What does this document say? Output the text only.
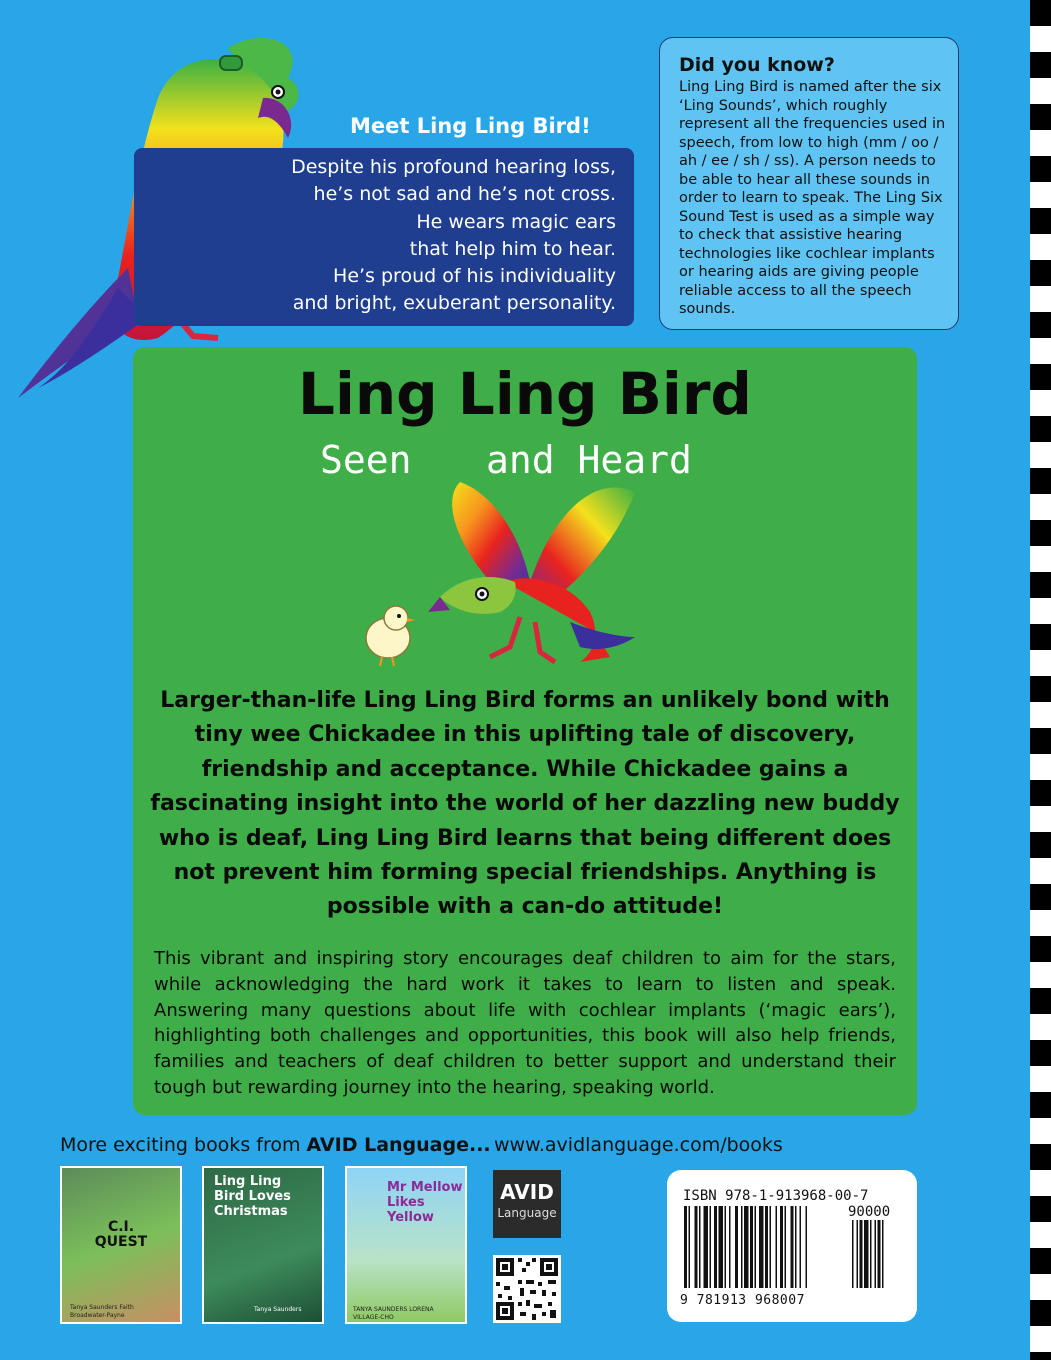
Meet Ling Ling Bird!
Despite his profound hearing loss,
he’s not sad and he’s not cross.
He wears magic ears
that help him to hear.
He’s proud of his individuality
and bright, exuberant personality.
Did you know?
Ling Ling Bird is named after the six ‘Ling Sounds’, which roughly represent all the frequencies used in speech, from low to high (mm / oo / ah / ee / sh / ss). A person needs to be able to hear all these sounds in order to learn to speak. The Ling Six Sound Test is used as a simple way to check that assistive hearing technologies like cochlear implants or hearing aids are giving people reliable access to all the speech sounds.
Ling Ling Bird
Seen and Heard
Larger-than-life Ling Ling Bird forms an unlikely bond with tiny wee Chickadee in this uplifting tale of discovery, friendship and acceptance. While Chickadee gains a fascinating insight into the world of her dazzling new buddy who is deaf, Ling Ling Bird learns that being different does not prevent him forming special friendships. Anything is possible with a can-do attitude!
This vibrant and inspiring story encourages deaf children to aim for the stars, while acknowledging the hard work it takes to learn to listen and speak. Answering many questions about life with cochlear implants (‘magic ears’), highlighting both challenges and opportunities, this book will also help friends, families and teachers of deaf children to better support and understand their tough but rewarding journey into the hearing, speaking world.
More exciting books from AVID Language... www.avidlanguage.com/books
C.I. QUEST
Tanya Saunders Faith Broadwater-Payne
Ling Ling Bird Loves Christmas
Tanya Saunders
Mr Mellow Likes Yellow
TANYA SAUNDERS LORENA VILLAGE-CHO
AVID
Language
ISBN 978-1-913968-00-7
90000
9 781913 968007
